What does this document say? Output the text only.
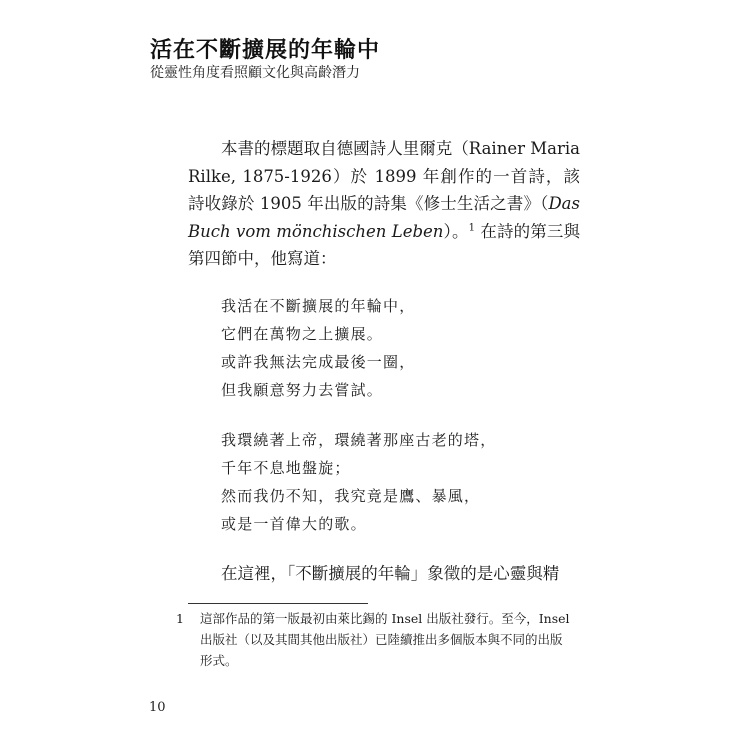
活在不斷擴展的年輪中
從靈性角度看照顧文化與高齡潛力
本書的標題取自德國詩人里爾克（Rainer Maria Rilke, 1875-1926）於 1899 年創作的一首詩，該詩收錄於 1905 年出版的詩集《修士生活之書》（Das Buch vom mönchischen Leben）。$^1$ 在詩的第三與第四節中，他寫道：
我活在不斷擴展的年輪中，
它們在萬物之上擴展。
或許我無法完成最後一圈，
但我願意努力去嘗試。
我環繞著上帝，環繞著那座古老的塔，
千年不息地盤旋；
然而我仍不知，我究竟是鷹、暴風，
或是一首偉大的歌。
在這裡，「不斷擴展的年輪」象徵的是心靈與精
1 這部作品的第一版最初由萊比錫的 Insel 出版社發行。至今，Insel 出版社（以及其間其他出版社）已陸續推出多個版本與不同的出版形式。
10
